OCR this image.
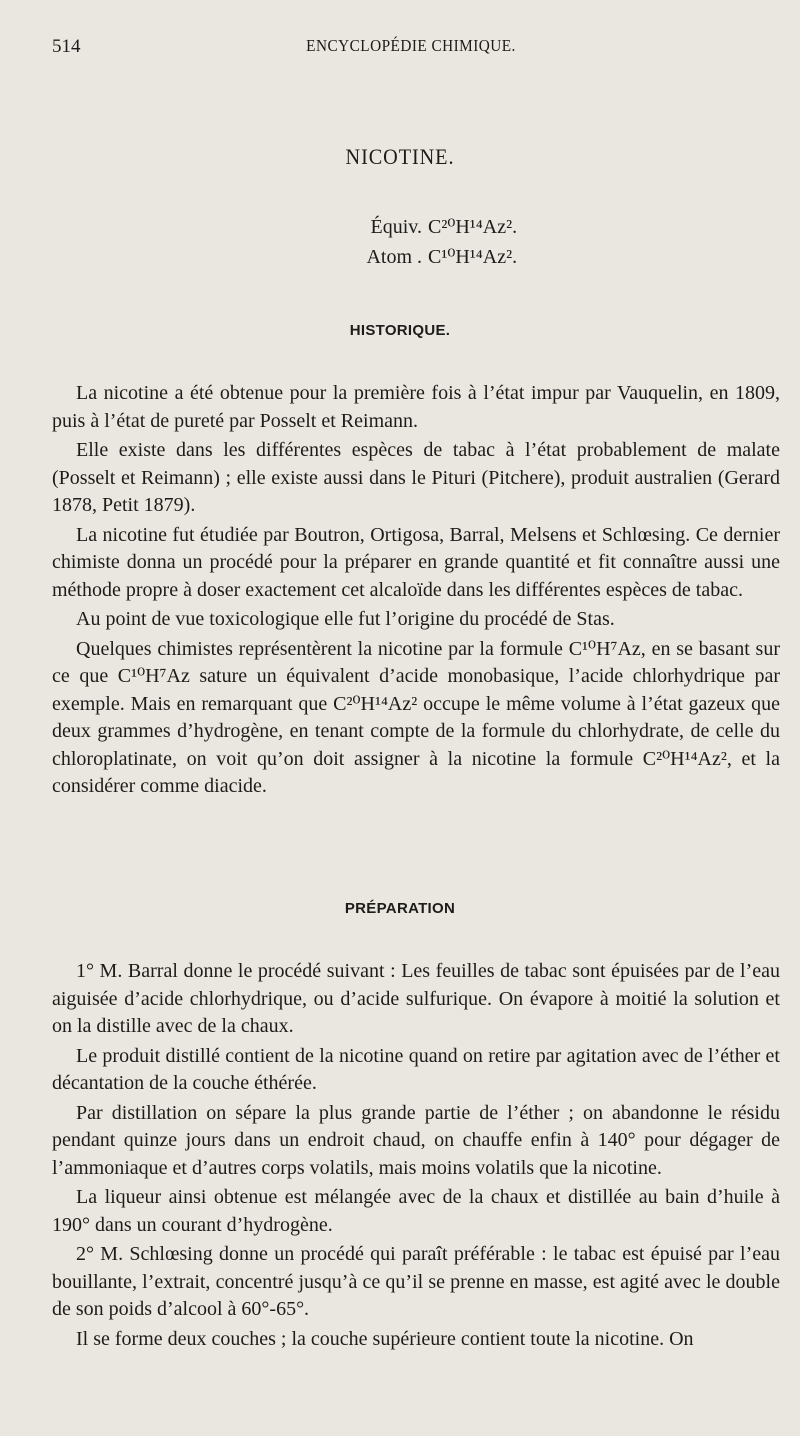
514	ENCYCLOPÉDIE CHIMIQUE.
NICOTINE.
Équiv. C²⁰H¹⁴Az².
Atom . C¹⁰H¹⁴Az².
HISTORIQUE.

La nicotine a été obtenue pour la première fois à l’état impur par Vauquelin, en 1809, puis à l’état de pureté par Posselt et Reimann.

Elle existe dans les différentes espèces de tabac à l’état probablement de malate (Posselt et Reimann) ; elle existe aussi dans le Pituri (Pitchere), produit australien (Gerard 1878, Petit 1879).

La nicotine fut étudiée par Boutron, Ortigosa, Barral, Melsens et Schlœsing. Ce dernier chimiste donna un procédé pour la préparer en grande quantité et fit connaître aussi une méthode propre à doser exactement cet alcaloïde dans les différentes espèces de tabac.

Au point de vue toxicologique elle fut l’origine du procédé de Stas.

Quelques chimistes représentèrent la nicotine par la formule C¹⁰H⁷Az, en se basant sur ce que C¹⁰H⁷Az sature un équivalent d’acide monobasique, l’acide chlorhydrique par exemple. Mais en remarquant que C²⁰H¹⁴Az² occupe le même volume à l’état gazeux que deux grammes d’hydrogène, en tenant compte de la formule du chlorhydrate, de celle du chloroplatinate, on voit qu’on doit assigner à la nicotine la formule C²⁰H¹⁴Az², et la considérer comme diacide.

PRÉPARATION

1° M. Barral donne le procédé suivant : Les feuilles de tabac sont épuisées par de l’eau aiguisée d’acide chlorhydrique, ou d’acide sulfurique. On évapore à moitié la solution et on la distille avec de la chaux.

Le produit distillé contient de la nicotine quand on retire par agitation avec de l’éther et décantation de la couche éthérée.

Par distillation on sépare la plus grande partie de l’éther ; on abandonne le résidu pendant quinze jours dans un endroit chaud, on chauffe enfin à 140° pour dégager de l’ammoniaque et d’autres corps volatils, mais moins volatils que la nicotine.

La liqueur ainsi obtenue est mélangée avec de la chaux et distillée au bain d’huile à 190° dans un courant d’hydrogène.

2° M. Schlœsing donne un procédé qui paraît préférable : le tabac est épuisé par l’eau bouillante, l’extrait, concentré jusqu’à ce qu’il se prenne en masse, est agité avec le double de son poids d’alcool à 60°-65°.

Il se forme deux couches ; la couche supérieure contient toute la nicotine. On
